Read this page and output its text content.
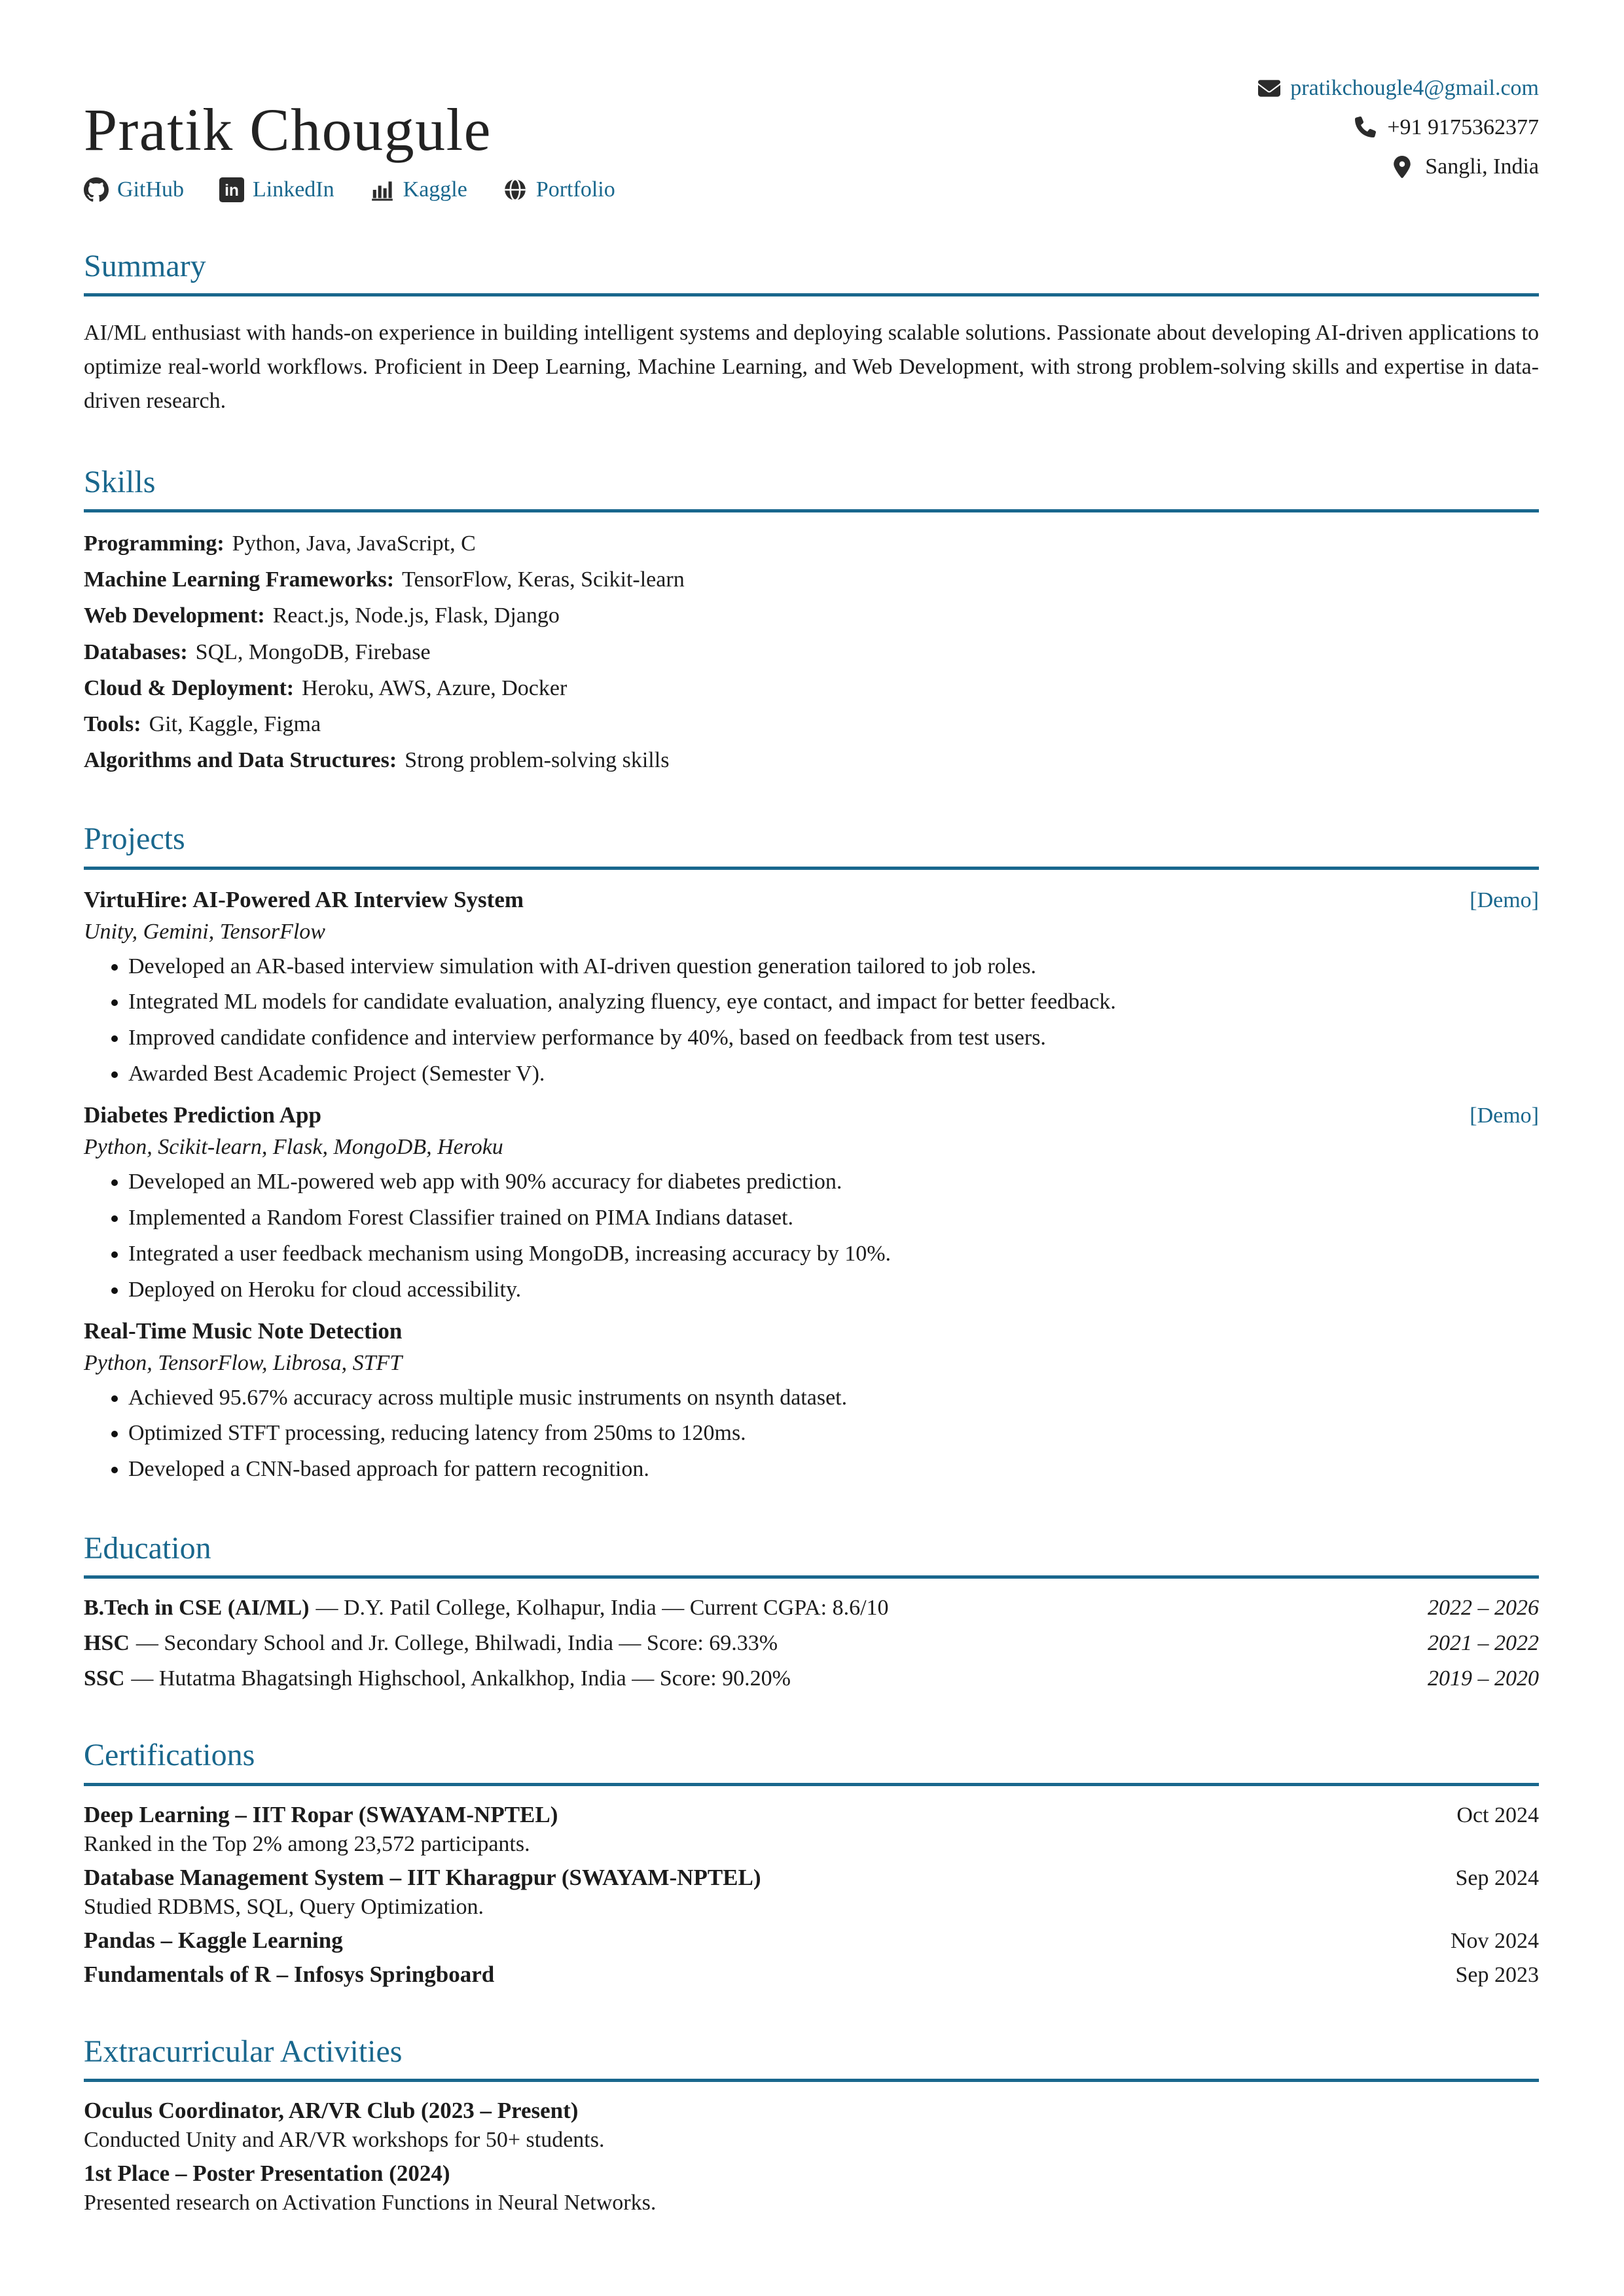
Pratik Chougule
GitHub in LinkedIn	Kaggle	Portfolio
pratikchougle4@gmail.com
+91 9175362377
Sangli, India
Summary

AI/ML enthusiast with hands-on experience in building intelligent systems and deploying scalable solutions. Passionate about developing AI-driven applications to optimize real-world workflows. Proficient in Deep Learning, Machine Learning, and Web Development, with strong problem-solving skills and expertise in data-driven research.

Skills
Programming: Python, Java, JavaScript, C
Machine Learning Frameworks: TensorFlow, Keras, Scikit-learn
Web Development: React.js, Node.js, Flask, Django
Databases: SQL, MongoDB, Firebase
Cloud & Deployment: Heroku, AWS, Azure, Docker
Tools: Git, Kaggle, Figma
Algorithms and Data Structures: Strong problem-solving skills
Projects
VirtuHire: AI-Powered AR Interview System	[Demo]
Unity, Gemini, TensorFlow
• Developed an AR-based interview simulation with AI-driven question generation tailored to job roles.
• Integrated ML models for candidate evaluation, analyzing fluency, eye contact, and impact for better feedback.
• Improved candidate confidence and interview performance by 40%, based on feedback from test users.
• Awarded Best Academic Project (Semester V).
Diabetes Prediction App	[Demo]
Python, Scikit-learn, Flask, MongoDB, Heroku
• Developed an ML-powered web app with 90% accuracy for diabetes prediction.
• Implemented a Random Forest Classifier trained on PIMA Indians dataset.
• Integrated a user feedback mechanism using MongoDB, increasing accuracy by 10%.
• Deployed on Heroku for cloud accessibility.
Real-Time Music Note Detection
Python, TensorFlow, Librosa, STFT
• Achieved 95.67% accuracy across multiple music instruments on nsynth dataset.
• Optimized STFT processing, reducing latency from 250ms to 120ms.
• Developed a CNN-based approach for pattern recognition.
Education
B.Tech in CSE (AI/ML) — D.Y. Patil College, Kolhapur, India — Current CGPA: 8.6/10	2022 – 2026
HSC — Secondary School and Jr. College, Bhilwadi, India — Score: 69.33%	2021 – 2022
SSC — Hutatma Bhagatsingh Highschool, Ankalkhop, India — Score: 90.20%	2019 – 2020
Certifications
Deep Learning – IIT Ropar (SWAYAM-NPTEL)	Oct 2024
Ranked in the Top 2% among 23,572 participants.
Database Management System – IIT Kharagpur (SWAYAM-NPTEL)	Sep 2024
Studied RDBMS, SQL, Query Optimization.
Pandas – Kaggle Learning	Nov 2024
Fundamentals of R – Infosys Springboard	Sep 2023
Extracurricular Activities
Oculus Coordinator, AR/VR Club (2023 – Present)
Conducted Unity and AR/VR workshops for 50+ students.
1st Place – Poster Presentation (2024)
Presented research on Activation Functions in Neural Networks.
